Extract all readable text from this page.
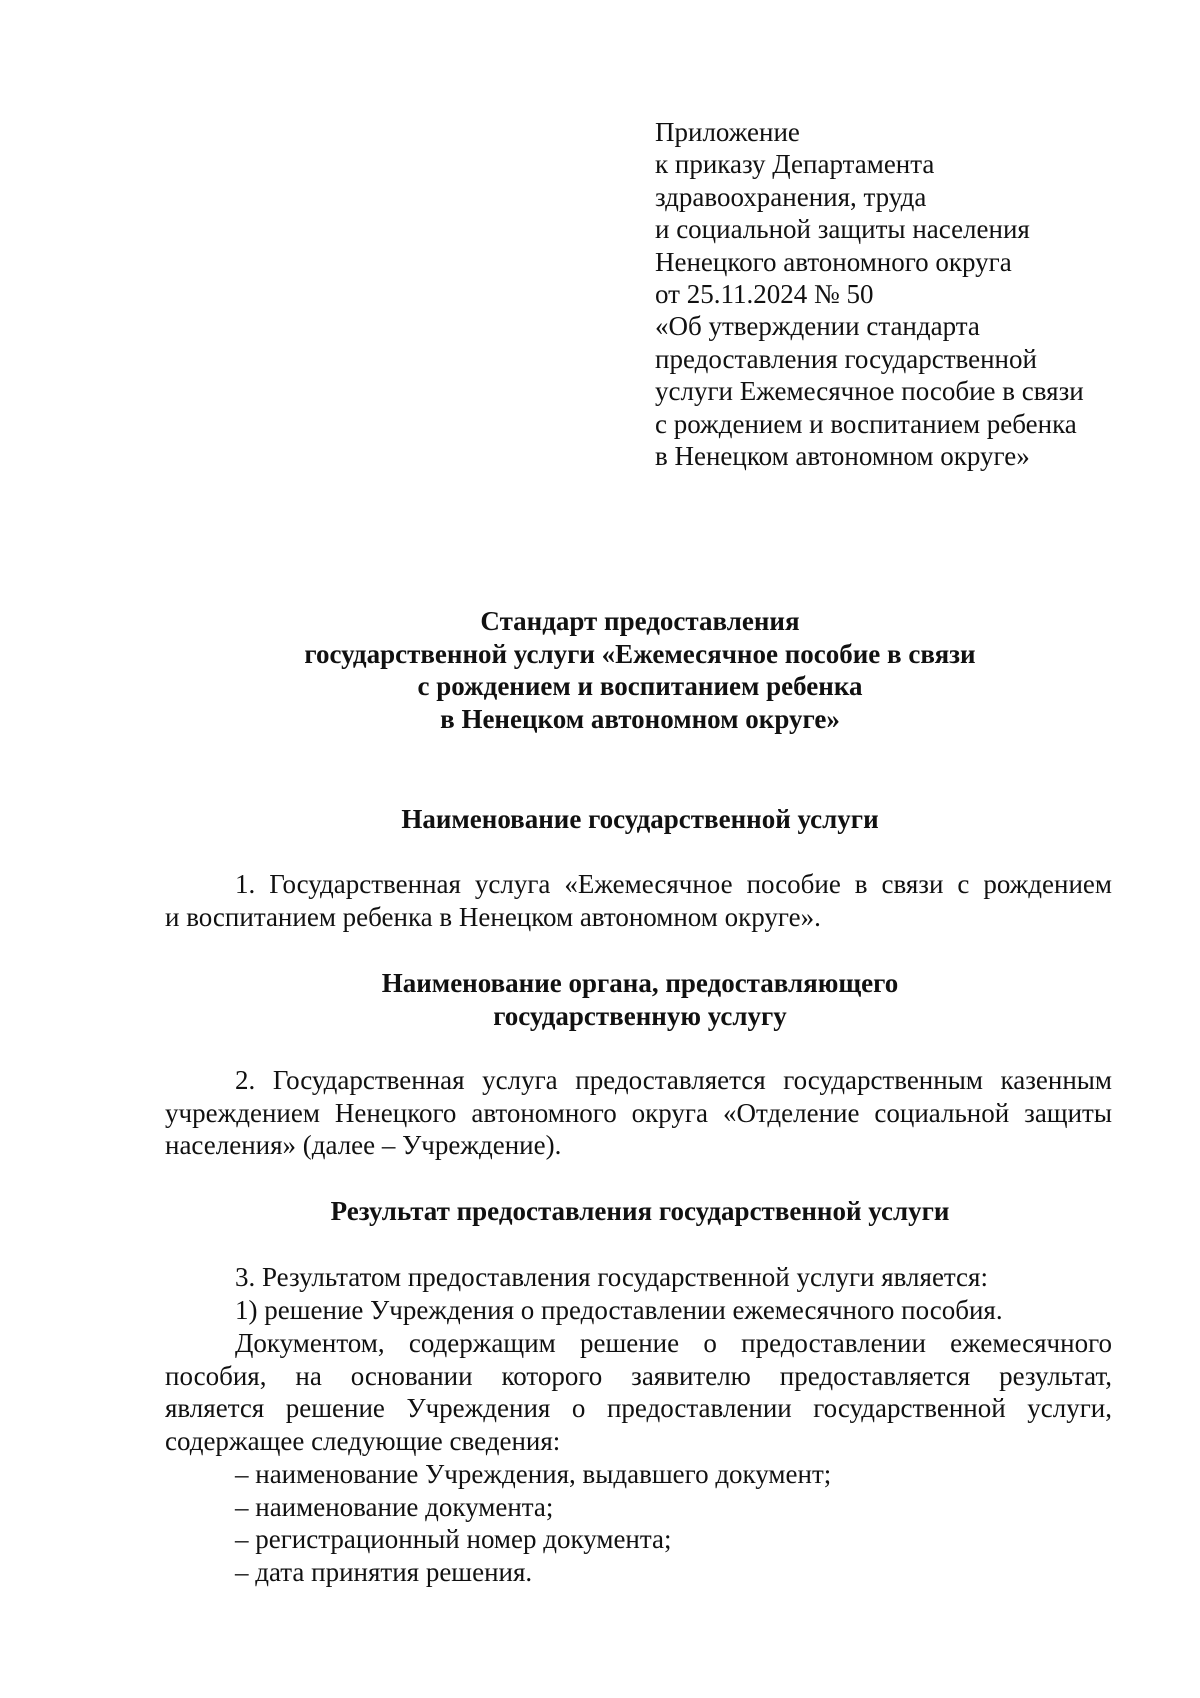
Приложение
к приказу Департамента
здравоохранения, труда
и социальной защиты населения
Ненецкого автономного округа
от 25.11.2024 № 50
«Об утверждении стандарта
предоставления государственной
услуги Ежемесячное пособие в связи
с рождением и воспитанием ребенка
в Ненецком автономном округе»
Стандарт предоставления
государственной услуги «Ежемесячное пособие в связи
с рождением и воспитанием ребенка
в Ненецком автономном округе»
Наименование государственной услуги
1. Государственная услуга «Ежемесячное пособие в связи с рождением
и воспитанием ребенка в Ненецком автономном округе».
Наименование органа, предоставляющего
государственную услугу
2. Государственная услуга предоставляется государственным казенным
учреждением Ненецкого автономного округа «Отделение социальной защиты
населения» (далее – Учреждение).
Результат предоставления государственной услуги
3. Результатом предоставления государственной услуги является:
1) решение Учреждения о предоставлении ежемесячного пособия.
Документом, содержащим решение о предоставлении ежемесячного
пособия, на основании которого заявителю предоставляется результат,
является решение Учреждения о предоставлении государственной услуги,
содержащее следующие сведения:
– наименование Учреждения, выдавшего документ;
– наименование документа;
– регистрационный номер документа;
– дата принятия решения.
